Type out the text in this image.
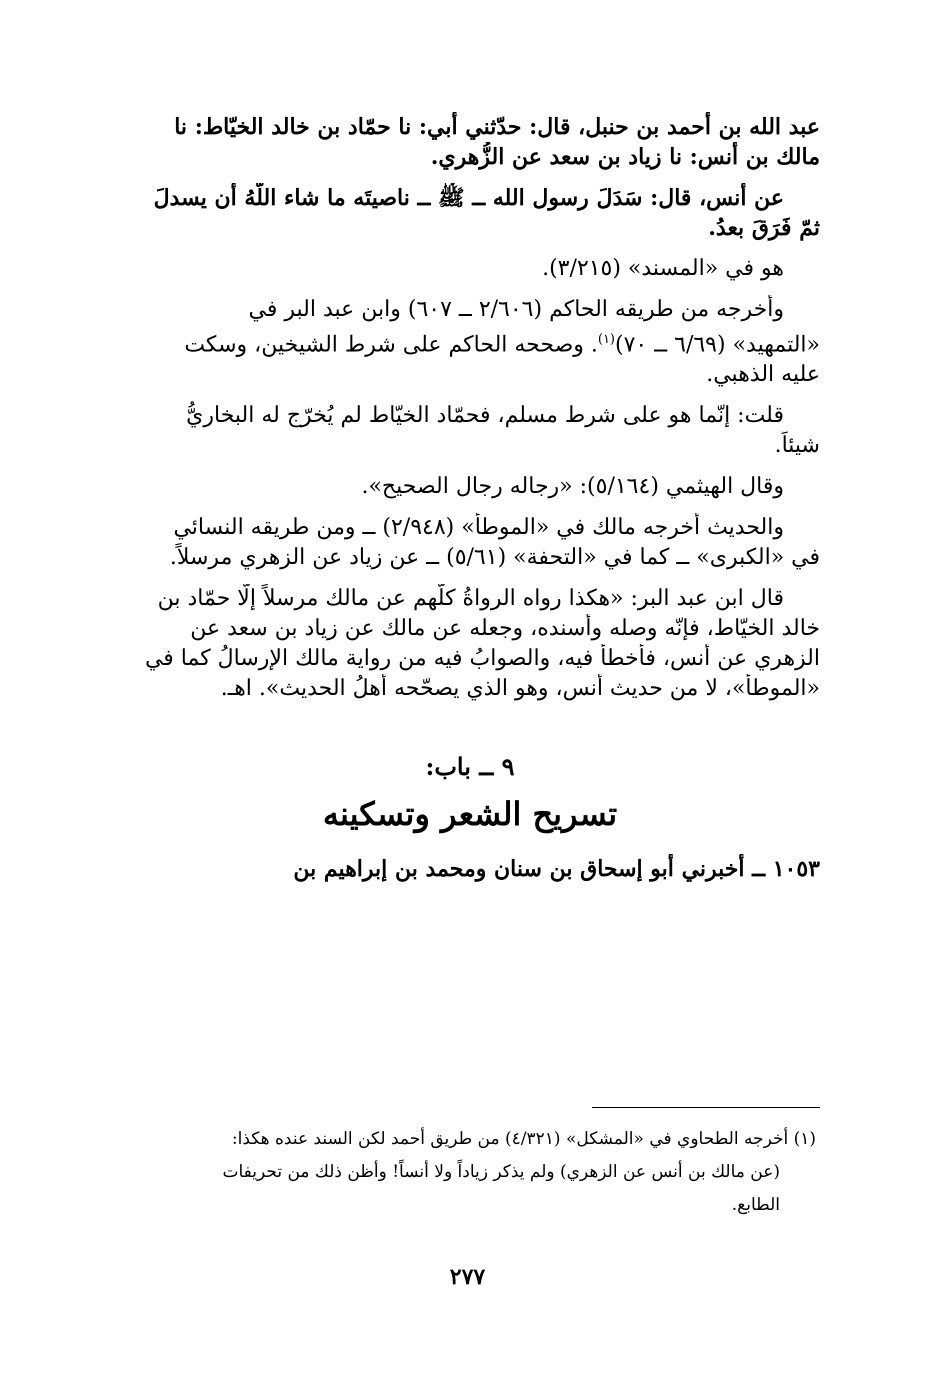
عبد الله بن أحمد بن حنبل، قال: حدّثني أبي: نا حمّاد بن خالد الخيّاط: نا

مالك بن أنس: نا زياد بن سعد عن الزُّهري.

عن أنس، قال: سَدَلَ رسول الله ــ ﷺ ــ ناصيتَه ما شاء اللّهُ أن يسدلَ

ثمّ فَرَقَ بعدُ.

هو في «المسند» (٣/٢١٥).

وأخرجه من طريقه الحاكم (٢/٦٠٦ ــ ٦٠٧) وابن عبد البر في

«التمهيد» (٦/٦٩ ــ ٧٠)$^{(١)}$. وصححه الحاكم على شرط الشيخين، وسكت

عليه الذهبي.

قلت: إنّما هو على شرط مسلم، فحمّاد الخيّاط لم يُخرّج له البخاريُّ

شيئاً.

وقال الهيثمي (٥/١٦٤): «رجاله رجال الصحيح».

والحديث أخرجه مالك في «الموطأ» (٢/٩٤٨) ــ ومن طريقه النسائي

في «الكبرى» ــ كما في «التحفة» (٥/٦١) ــ عن زياد عن الزهري مرسلاً.

قال ابن عبد البر: «هكذا رواه الرواةُ كلّهم عن مالك مرسلاً إلّا حمّاد بن

خالد الخيّاط، فإنّه وصله وأسنده، وجعله عن مالك عن زياد بن سعد عن

الزهري عن أنس، فأخطأ فيه، والصوابُ فيه من رواية مالك الإرسالُ كما في

«الموطأ»، لا من حديث أنس، وهو الذي يصحّحه أهلُ الحديث». اهـ.

٩ ــ باب:
تسريح الشعر وتسكينه

١٠٥٣ ــ أخبرني أبو إسحاق بن سنان ومحمد بن إبراهيم بن

(١) أخرجه الطحاوي في «المشكل» (٤/٣٢١) من طريق أحمد لكن السند عنده هكذا:

(عن مالك بن أنس عن الزهري) ولم يذكر زياداً ولا أنساً! وأظن ذلك من تحريفات

الطابع.

٢٧٧
